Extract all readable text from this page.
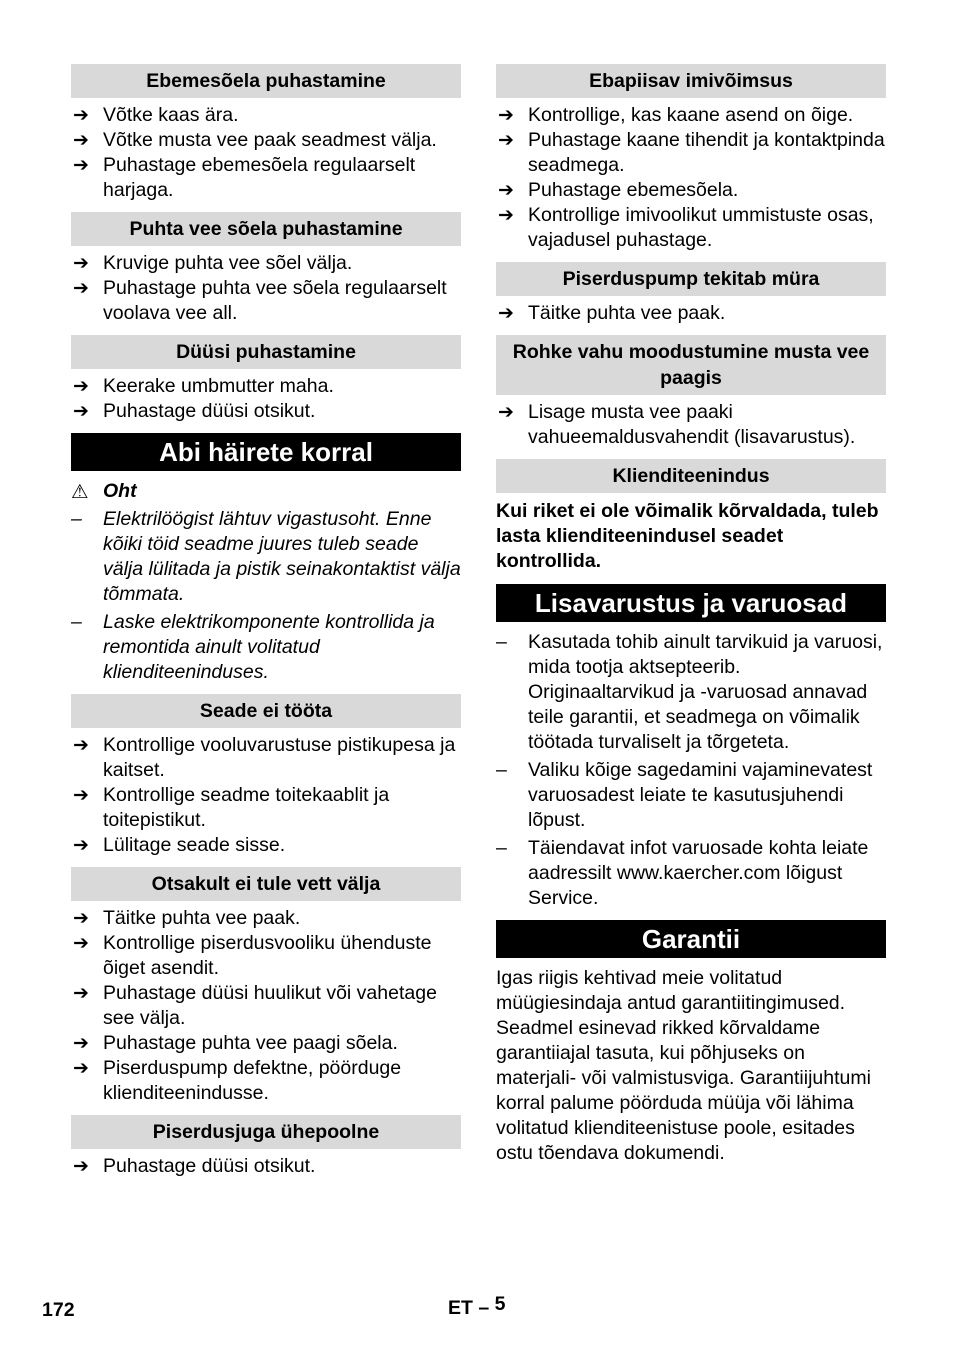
Ebemesõela puhastamine
➔ Võtke kaas ära.
➔ Võtke musta vee paak seadmest välja.
➔ Puhastage ebemesõela regulaarselt harjaga.
Puhta vee sõela puhastamine
➔ Kruvige puhta vee sõel välja.
➔ Puhastage puhta vee sõela regulaarselt voolava vee all.
Düüsi puhastamine
➔ Keerake umbmutter maha.
➔ Puhastage düüsi otsikut.
Abi häirete korral
⚠ Oht
– Elektrilöögist lähtuv vigastusoht. Enne kõiki töid seadme juures tuleb seade välja lülitada ja pistik seinakontaktist välja tõmmata.
– Laske elektrikomponente kontrollida ja remontida ainult volitatud klienditeeninduses.
Seade ei tööta
➔ Kontrollige vooluvarustuse pistikupesa ja kaitset.
➔ Kontrollige seadme toitekaablit ja toitepistikut.
➔ Lülitage seade sisse.
Otsakult ei tule vett välja
➔ Täitke puhta vee paak.
➔ Kontrollige piserdusvooliku ühenduste õiget asendit.
➔ Puhastage düüsi huulikut või vahetage see välja.
➔ Puhastage puhta vee paagi sõela.
➔ Piserduspump defektne, pöörduge klienditeenindusse.
Piserdusjuga ühepoolne
➔ Puhastage düüsi otsikut.
Ebapiisav imivõimsus
➔ Kontrollige, kas kaane asend on õige.
➔ Puhastage kaane tihendit ja kontaktpinda seadmega.
➔ Puhastage ebemesõela.
➔ Kontrollige imivoolikut ummistuste osas, vajadusel puhastage.
Piserduspump tekitab müra
➔ Täitke puhta vee paak.
Rohke vahu moodustumine musta vee paagis
➔ Lisage musta vee paaki vahueemaldusvahendit (lisavarustus).
Klienditeenindus

Kui riket ei ole võimalik kõrvaldada, tuleb lasta klienditeenindusel seadet kontrollida.

Lisavarustus ja varuosad
– Kasutada tohib ainult tarvikuid ja varuosi, mida tootja aktsepteerib. Originaaltarvikud ja -varuosad annavad teile garantii, et seadmega on võimalik töötada turvaliselt ja tõrgeteta.
– Valiku kõige sagedamini vajaminevatest varuosadest leiate te kasutusjuhendi lõpust.
– Täiendavat infot varuosade kohta leiate aadressilt www.kaercher.com lõigust Service.
Garantii

Igas riigis kehtivad meie volitatud müügiesindaja antud garantiitingimused. Seadmel esinevad rikked kõrvaldame garantiiajal tasuta, kui põhjuseks on materjali- või valmistusviga. Garantiijuhtumi korral palume pöörduda müüja või lähima volitatud klienditeenistuse poole, esitades ostu tõendava dokumendi.

172	ET – 5
